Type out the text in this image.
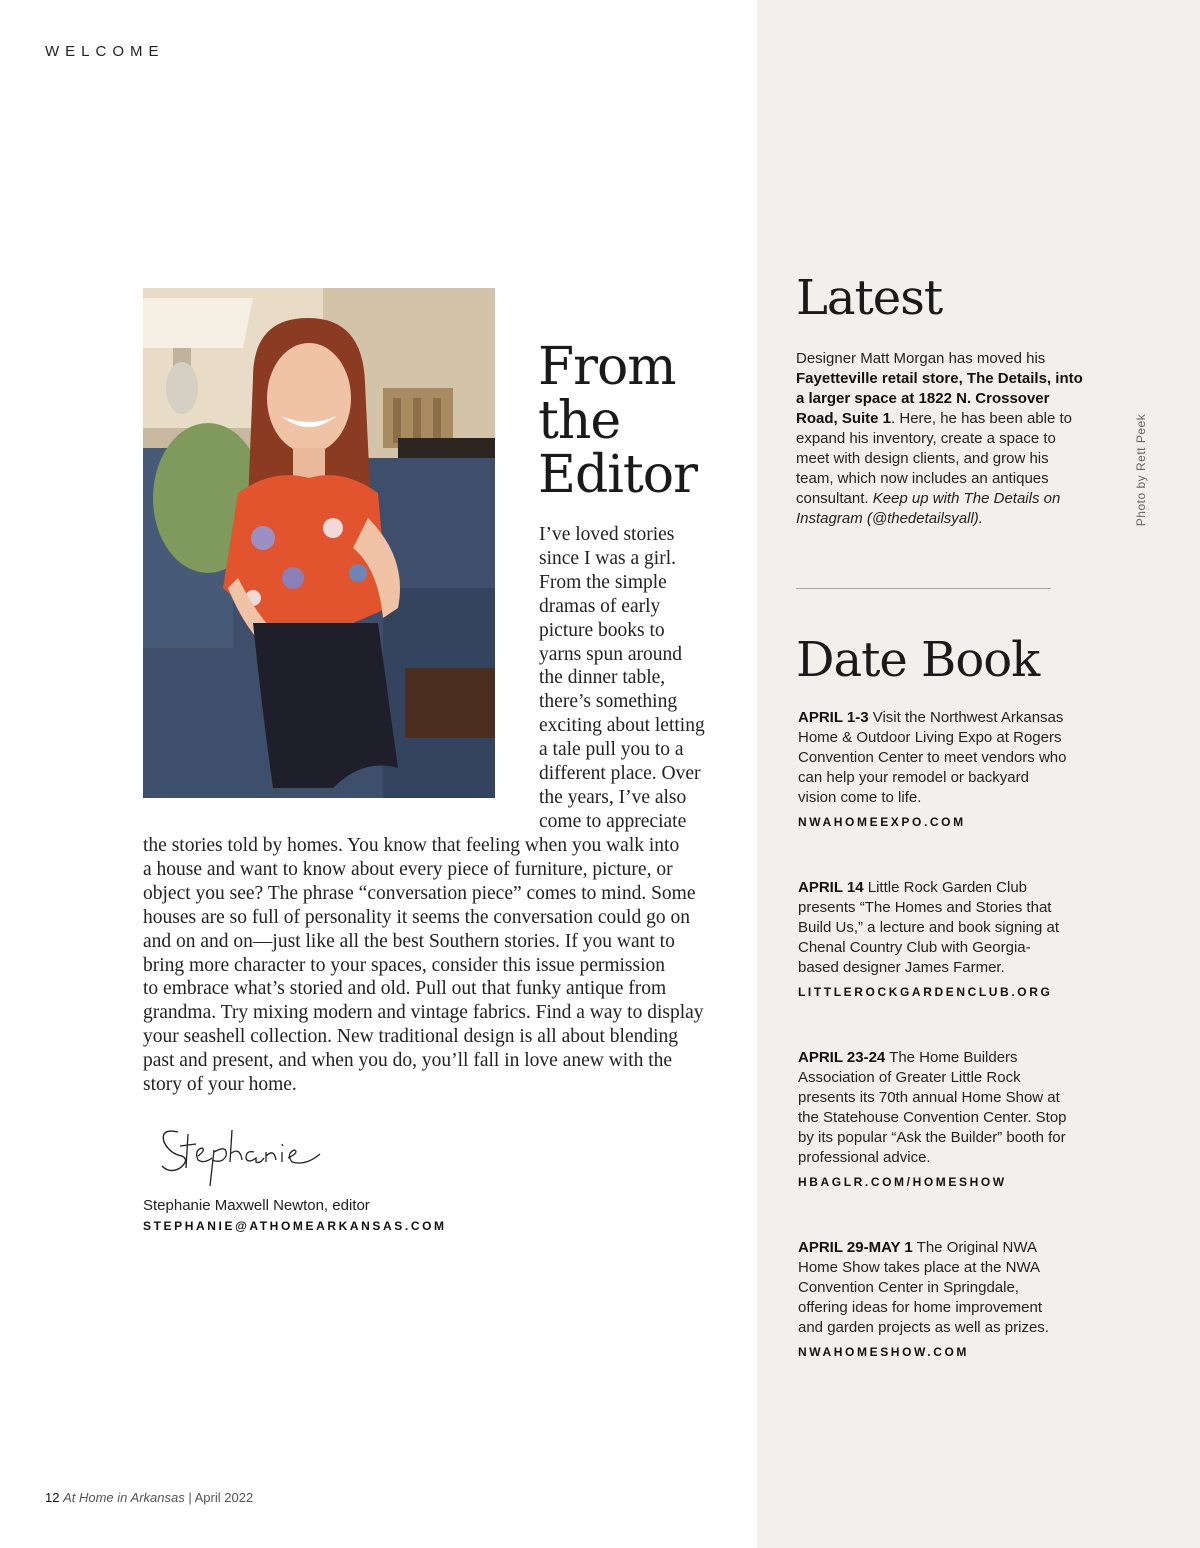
WELCOME
From
the
Editor

I’ve loved stories
since I was a girl.
From the simple
dramas of early
picture books to
yarns spun around
the dinner table,
there’s something
exciting about letting
a tale pull you to a
different place. Over
the years, I’ve also
come to appreciate

the stories told by homes. You know that feeling when you walk into
a house and want to know about every piece of furniture, picture, or
object you see? The phrase “conversation piece” comes to mind. Some
houses are so full of personality it seems the conversation could go on
and on and on—just like all the best Southern stories. If you want to
bring more character to your spaces, consider this issue permission
to embrace what’s storied and old. Pull out that funky antique from
grandma. Try mixing modern and vintage fabrics. Find a way to display
your seashell collection. New traditional design is all about blending
past and present, and when you do, you’ll fall in love anew with the
story of your home.

Stephanie Maxwell Newton, editor
STEPHANIE@ATHOMEARKANSAS.COM
Latest
Designer Matt Morgan has moved his Fayetteville retail store, The Details, into a larger space at 1822 N. Crossover Road, Suite 1. Here, he has been able to expand his inventory, create a space to meet with design clients, and grow his team, which now includes an antiques consultant. Keep up with The Details on Instagram (@thedetailsyall).	Photo by Rett Peek
Date Book
APRIL 1-3 Visit the Northwest Arkansas Home & Outdoor Living Expo at Rogers Convention Center to meet vendors who can help your remodel or backyard vision come to life.
NWAHOMEEXPO.COM
APRIL 14 Little Rock Garden Club presents “The Homes and Stories that Build Us,” a lecture and book signing at Chenal Country Club with Georgia-based designer James Farmer.
LITTLEROCKGARDENCLUB.ORG
APRIL 23-24 The Home Builders Association of Greater Little Rock presents its 70th annual Home Show at the Statehouse Convention Center. Stop by its popular “Ask the Builder” booth for professional advice.
HBAGLR.COM/HOMESHOW
APRIL 29-MAY 1 The Original NWA Home Show takes place at the NWA Convention Center in Springdale, offering ideas for home improvement and garden projects as well as prizes.
NWAHOMESHOW.COM
12 At Home in Arkansas | April 2022
